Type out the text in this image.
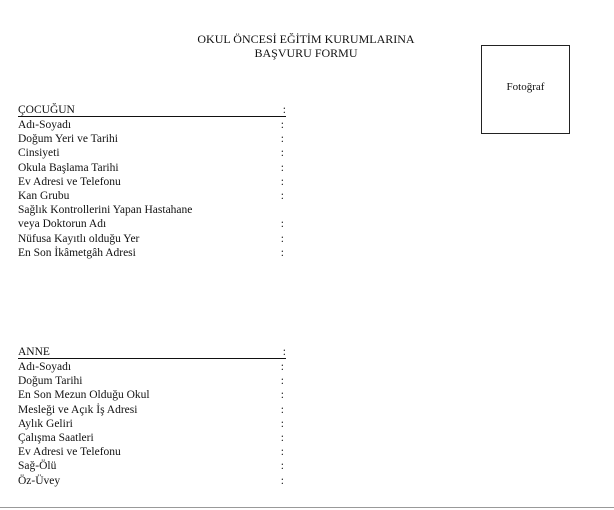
OKUL ÖNCESİ EĞİTİM KURUMLARINA
BAŞVURU FORMU
Fotoğraf
ÇOCUĞUN	:
Adı-Soyadı	:
Doğum Yeri ve Tarihi	:
Cinsiyeti	:
Okula Başlama Tarihi	:
Ev Adresi ve Telefonu	:
Kan Grubu	:
Sağlık Kontrollerini Yapan Hastahane
veya Doktorun Adı	:
Nüfusa Kayıtlı olduğu Yer	:
En Son İkâmetgâh Adresi	:
ANNE	:
Adı-Soyadı	:
Doğum Tarihi	:
En Son Mezun Olduğu Okul	:
Mesleği ve Açık İş Adresi	:
Aylık Geliri	:
Çalışma Saatleri	:
Ev Adresi ve Telefonu	:
Sağ-Ölü	:
Öz-Üvey	:
